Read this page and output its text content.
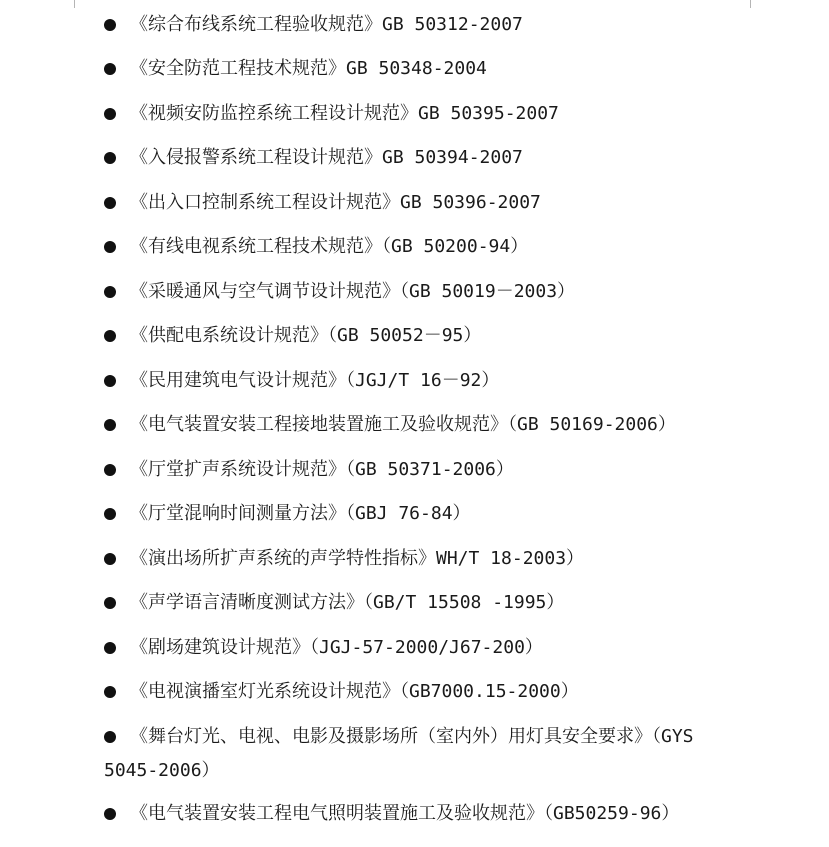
《综合布线系统工程验收规范》GB 50312-2007
《安全防范工程技术规范》GB 50348-2004
《视频安防监控系统工程设计规范》GB 50395-2007
《入侵报警系统工程设计规范》GB 50394-2007
《出入口控制系统工程设计规范》GB 50396-2007
《有线电视系统工程技术规范》（GB 50200-94）
《采暖通风与空气调节设计规范》（GB 50019－2003）
《供配电系统设计规范》（GB 50052－95）
《民用建筑电气设计规范》（JGJ/T 16－92）
《电气装置安装工程接地装置施工及验收规范》（GB 50169-2006）
《厅堂扩声系统设计规范》（GB 50371-2006）
《厅堂混响时间测量方法》（GBJ 76-84）
《演出场所扩声系统的声学特性指标》WH/T 18-2003）
《声学语言清晰度测试方法》（GB/T 15508 -1995）
《剧场建筑设计规范》（JGJ-57-2000/J67-200）
《电视演播室灯光系统设计规范》（GB7000.15-2000）
《舞台灯光、电视、电影及摄影场所（室内外）用灯具安全要求》（GYS
5045-2006）
《电气装置安装工程电气照明装置施工及验收规范》（GB50259-96）
